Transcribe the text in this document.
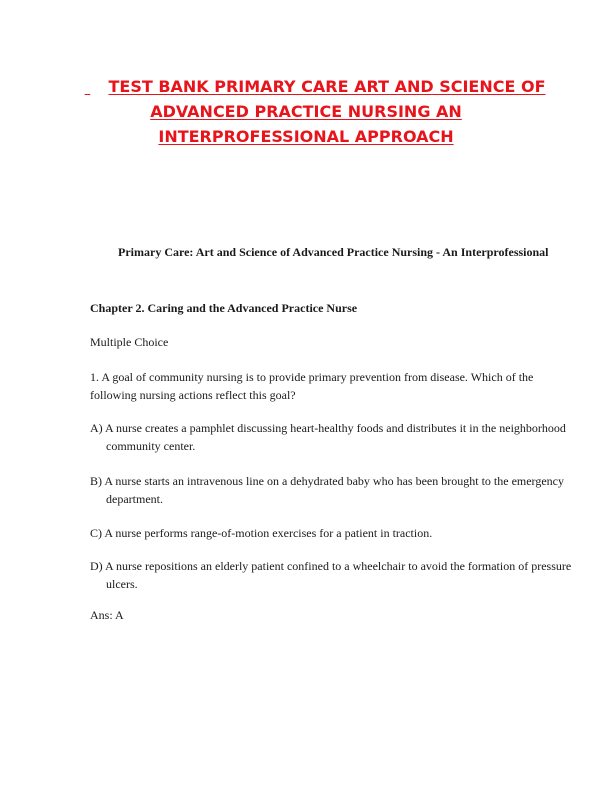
TEST BANK PRIMARY CARE ART AND SCIENCE OF ADVANCED PRACTICE NURSING AN INTERPROFESSIONAL APPROACH

Primary Care: Art and Science of Advanced Practice Nursing - An Interprofessional

Chapter 2. Caring and the Advanced Practice Nurse

Multiple Choice

1. A goal of community nursing is to provide primary prevention from disease. Which of the following nursing actions reflect this goal?

A) A nurse creates a pamphlet discussing heart-healthy foods and distributes it in the neighborhood community center.

B) A nurse starts an intravenous line on a dehydrated baby who has been brought to the emergency department.

C) A nurse performs range-of-motion exercises for a patient in traction.

D) A nurse repositions an elderly patient confined to a wheelchair to avoid the formation of pressure ulcers.

Ans: A
